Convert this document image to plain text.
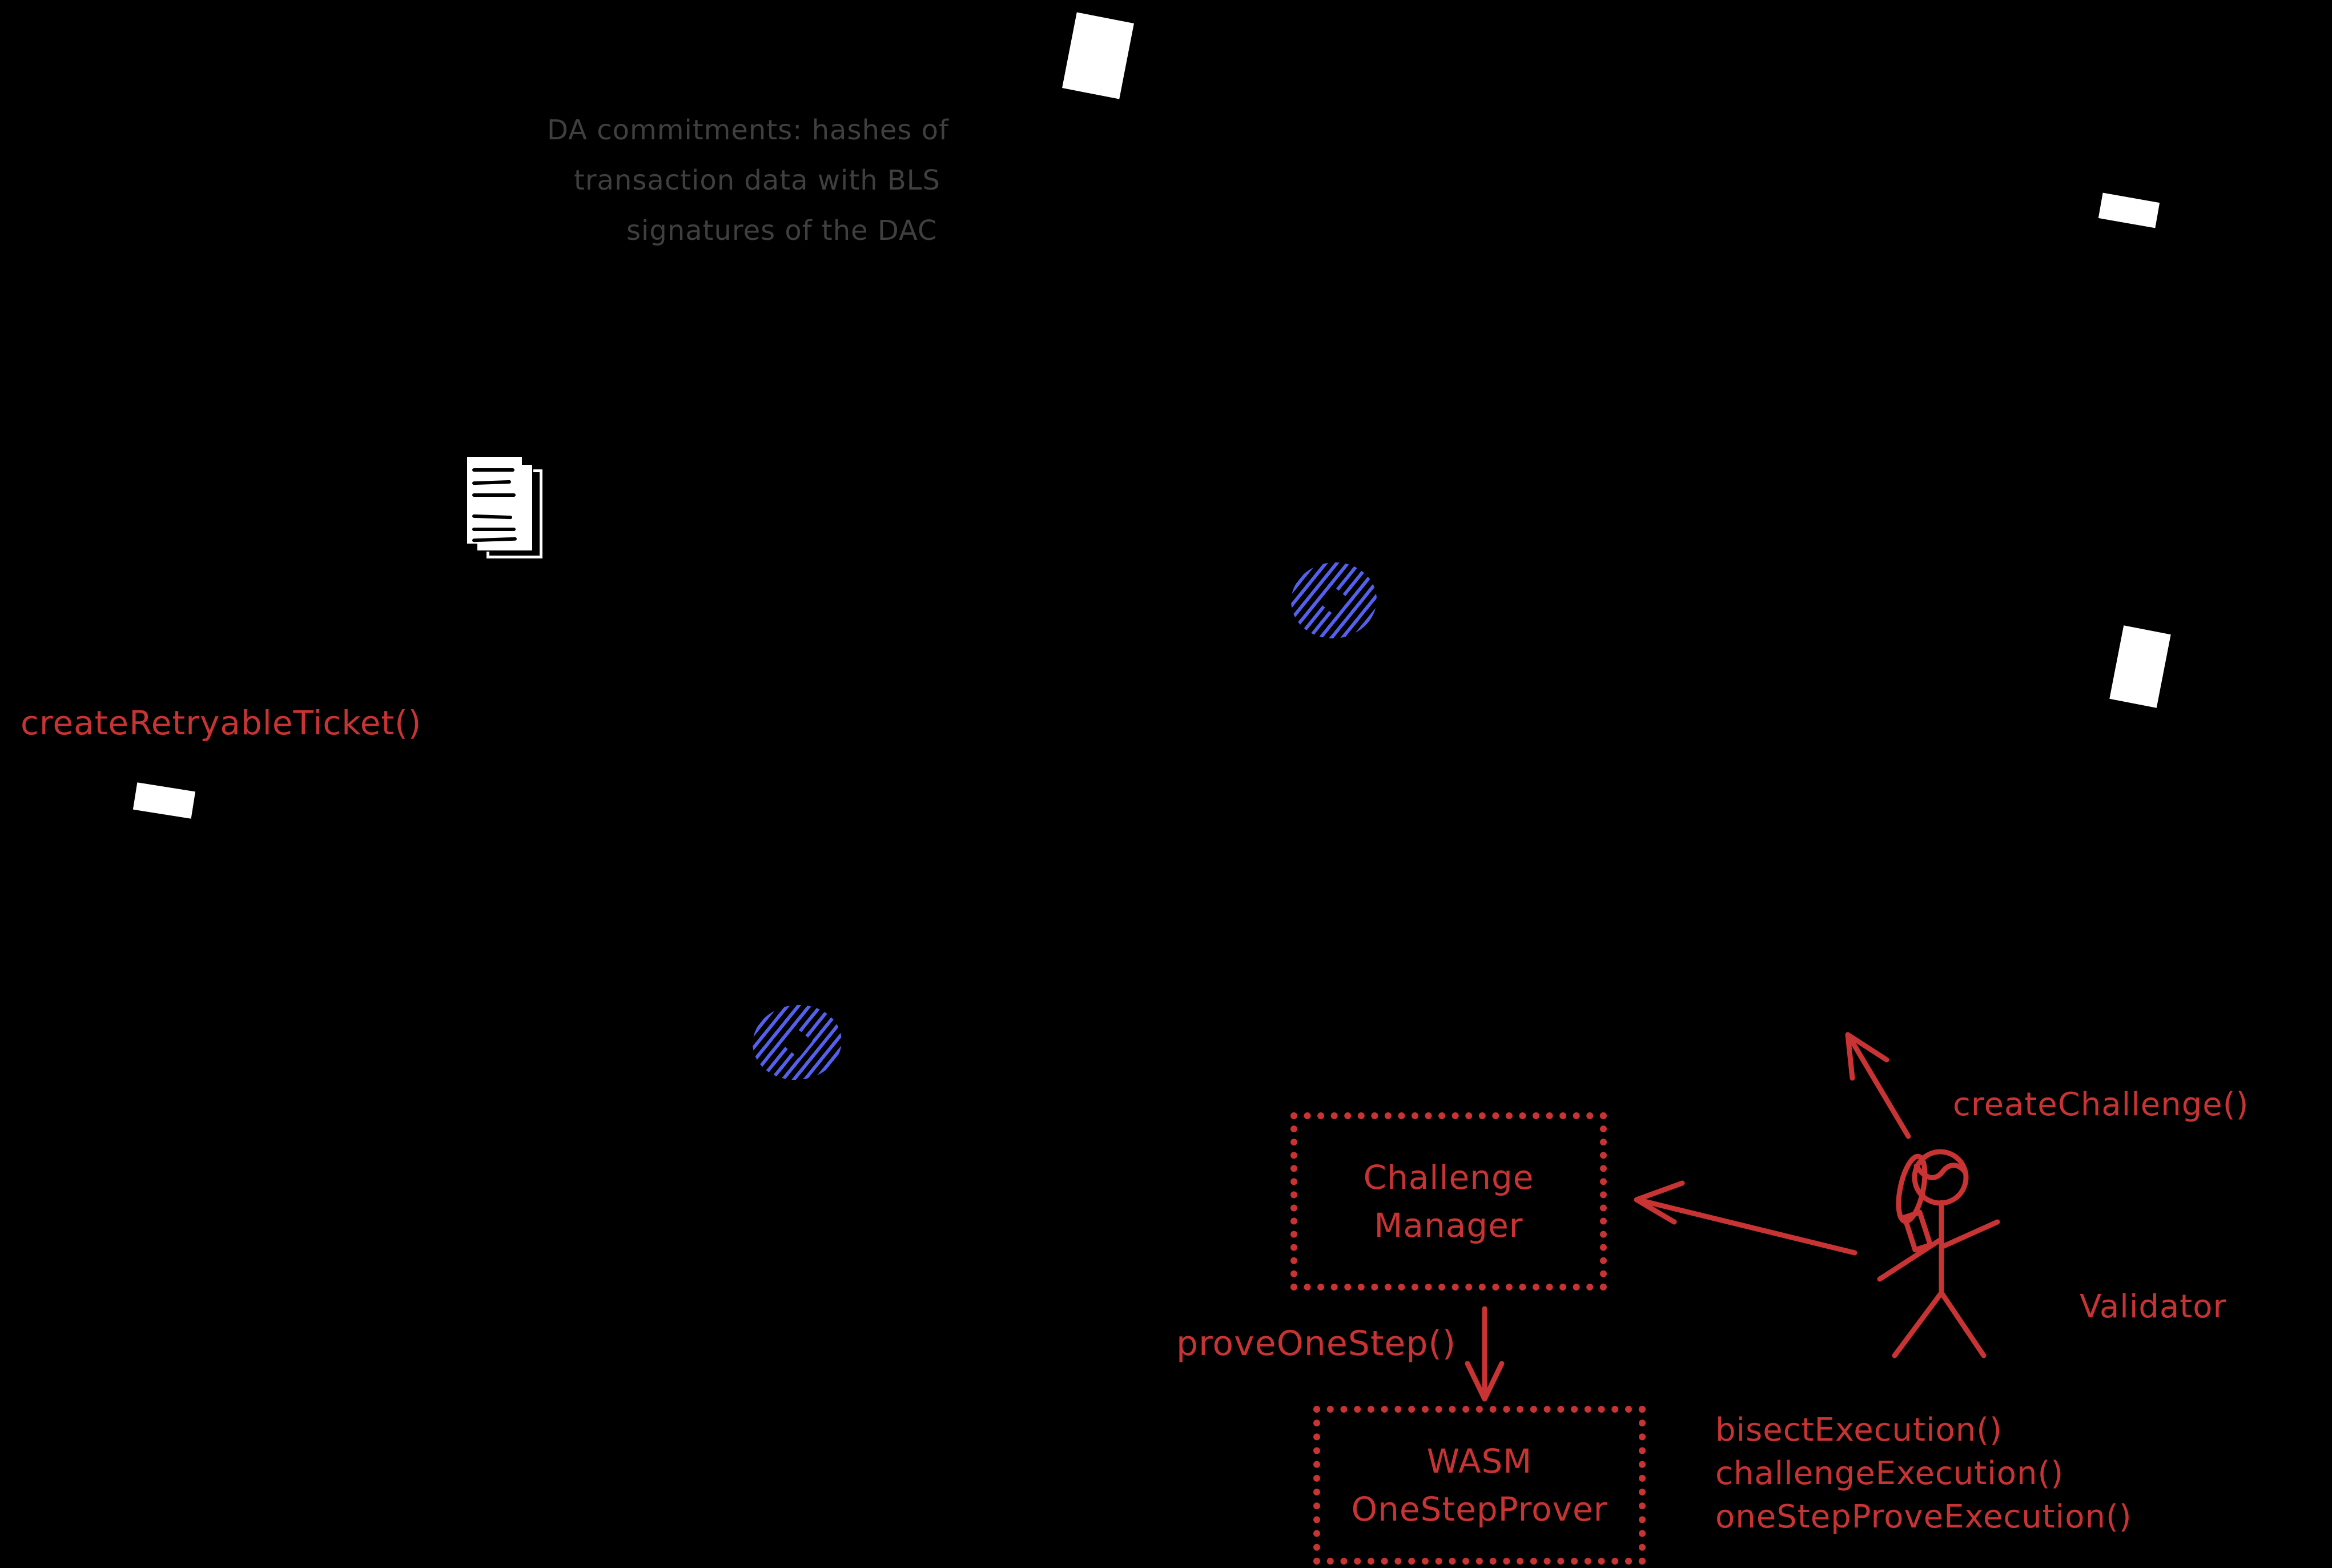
DA commitments: hashes of
transaction data with BLS
signatures of the DAC
createRetryableTicket()
proveOneStep()
createChallenge()
Validator
bisectExecution()
challengeExecution()
oneStepProveExecution()
Challenge
Manager
WASM
OneStepProver
